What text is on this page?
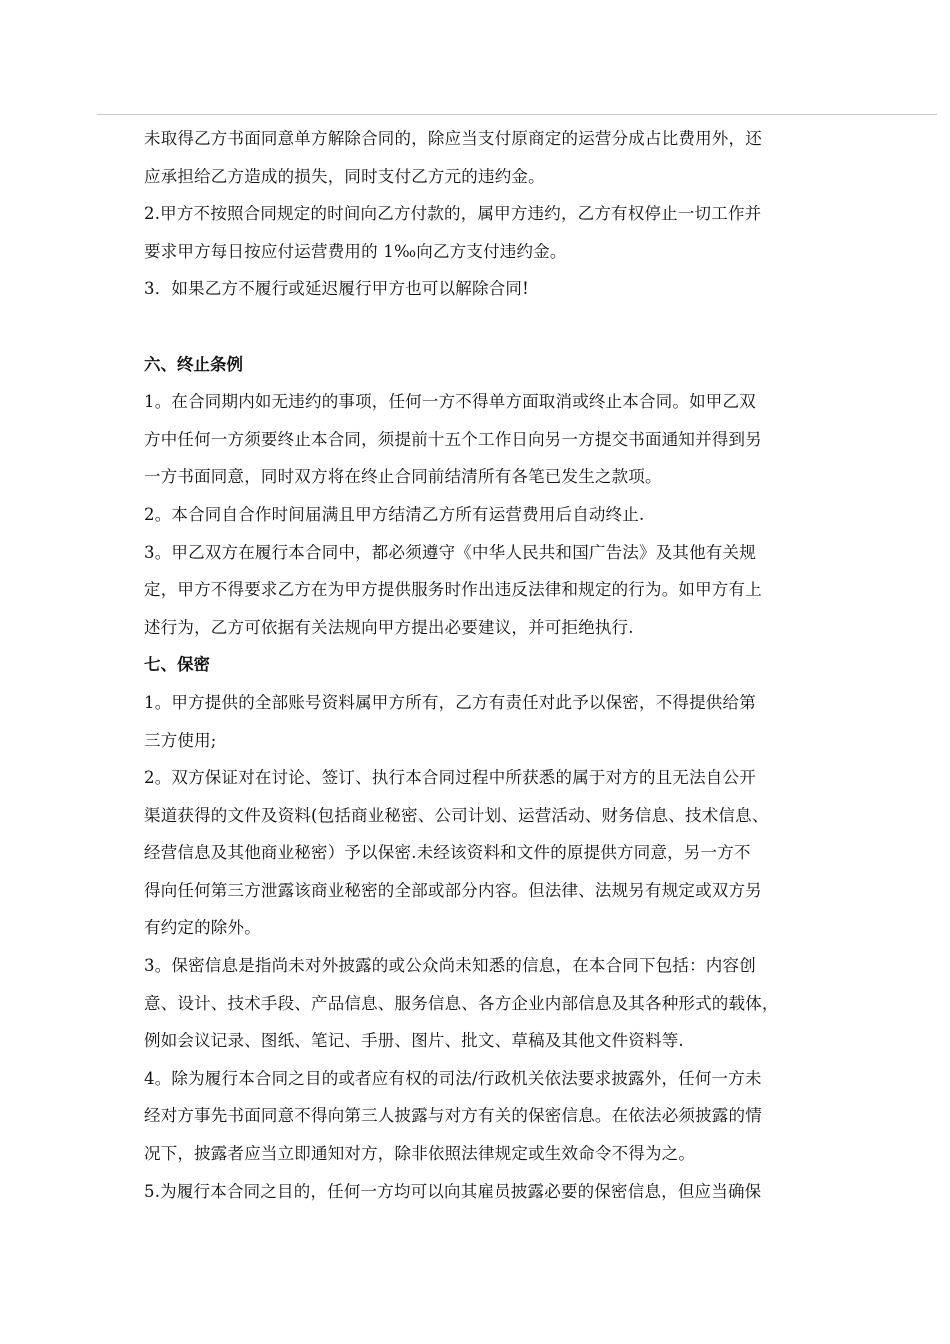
未取得乙方书面同意单方解除合同的，除应当支付原商定的运营分成占比费用外，还
应承担给乙方造成的损失，同时支付乙方元的违约金。
2.甲方不按照合同规定的时间向乙方付款的，属甲方违约，乙方有权停止一切工作并
要求甲方每日按应付运营费用的 1‰向乙方支付违约金。
3．如果乙方不履行或延迟履行甲方也可以解除合同!
六、终止条例
1。在合同期内如无违约的事项，任何一方不得单方面取消或终止本合同。如甲乙双
方中任何一方须要终止本合同，须提前十五个工作日向另一方提交书面通知并得到另
一方书面同意，同时双方将在终止合同前结清所有各笔已发生之款项。
2。本合同自合作时间届满且甲方结清乙方所有运营费用后自动终止.
3。甲乙双方在履行本合同中，都必须遵守《中华人民共和国广告法》及其他有关规
定，甲方不得要求乙方在为甲方提供服务时作出违反法律和规定的行为。如甲方有上
述行为，乙方可依据有关法规向甲方提出必要建议，并可拒绝执行.
七、保密
1。甲方提供的全部账号资料属甲方所有，乙方有责任对此予以保密，不得提供给第
三方使用;
2。双方保证对在讨论、签订、执行本合同过程中所获悉的属于对方的且无法自公开
渠道获得的文件及资料(包括商业秘密、公司计划、运营活动、财务信息、技术信息、
经营信息及其他商业秘密）予以保密.未经该资料和文件的原提供方同意，另一方不
得向任何第三方泄露该商业秘密的全部或部分内容。但法律、法规另有规定或双方另
有约定的除外。
3。保密信息是指尚未对外披露的或公众尚未知悉的信息，在本合同下包括：内容创
意、设计、技术手段、产品信息、服务信息、各方企业内部信息及其各种形式的载体，
例如会议记录、图纸、笔记、手册、图片、批文、草稿及其他文件资料等.
4。除为履行本合同之目的或者应有权的司法/行政机关依法要求披露外，任何一方未
经对方事先书面同意不得向第三人披露与对方有关的保密信息。在依法必须披露的情
况下，披露者应当立即通知对方，除非依照法律规定或生效命令不得为之。
5.为履行本合同之目的，任何一方均可以向其雇员披露必要的保密信息，但应当确保
